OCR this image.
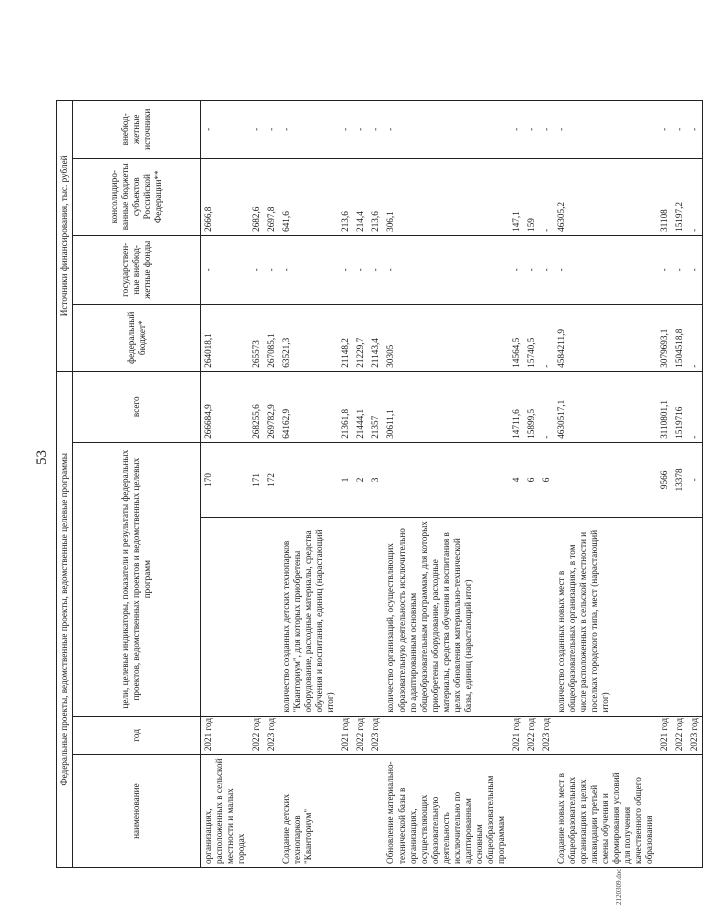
53 Федеральные проекты, ведомственные проекты, ведомственные целевые программы					Источники финансирования, тыс. рублей			
наименование	год	цели, целевые индикаторы, показатели и результаты федеральных проектов, ведомственных проектов и ведомственных целевых программ		всего	федеральный бюджет*	государствен-ные внебюд-жетные фонды	консолидиро-ванные бюджеты субъектов Российской Федерации**	внебюд-жетные источники
организациях, расположенных в сельской местности и малых городах	2021 год		170	266684,9	264018,1	-	2666,8	-
	2022 год		171	268255,6	265573	-	2682,6	-
	2023 год		172	269782,9	267085,1	-	2697,8	-
Создание детских технопарков "Кванториум"		количество созданных детских технопарков "Кванториум", для которых приобретены оборудование, расходные материалы, средства обучения и воспитания, единиц (нарастающий итог)		64162,9	63521,3	-	641,6	-
	2021 год		1	21361,8	21148,2	-	213,6	-
	2022 год		2	21444,1	21229,7	-	214,4	-
	2023 год		3	21357	21143,4	-	213,6	-
Обновление материально-технической базы в организациях, осуществляющих образовательную деятельность исключительно по адаптированным основным общеобразовательным программам		количество организаций, осуществляющих образовательную деятельность исключительно по адаптированным основным общеобразовательным программам, для которых приобретены оборудование, расходные материалы, средства обучения и воспитания в целях обновления материально-технической базы, единиц (нарастающий итог)		30611,1	30305	-	306,1	-
	2021 год		4	14711,6	14564,5	-	147,1	-
	2022 год		6	15899,5	15740,5	-	159	-
	2023 год		6	-	-	-	-	-
Создание новых мест в общеобразовательных организациях в целях ликвидации третьей смены обучения и формирования условий для получения качественного общего образования		количество созданных новых мест в общеобразовательных организациях, в том числе расположенных в сельской местности и поселках городского типа, мест (нарастающий итог)		4630517,1	4584211,9	-	46305,2	-
	2021 год		9566	3110801,1	3079693,1	-	31108	-
	2022 год		13378	1519716	1504518,8	-	15197,2	-
	2023 год		-	-	-	-	-	-
2120309.doc
